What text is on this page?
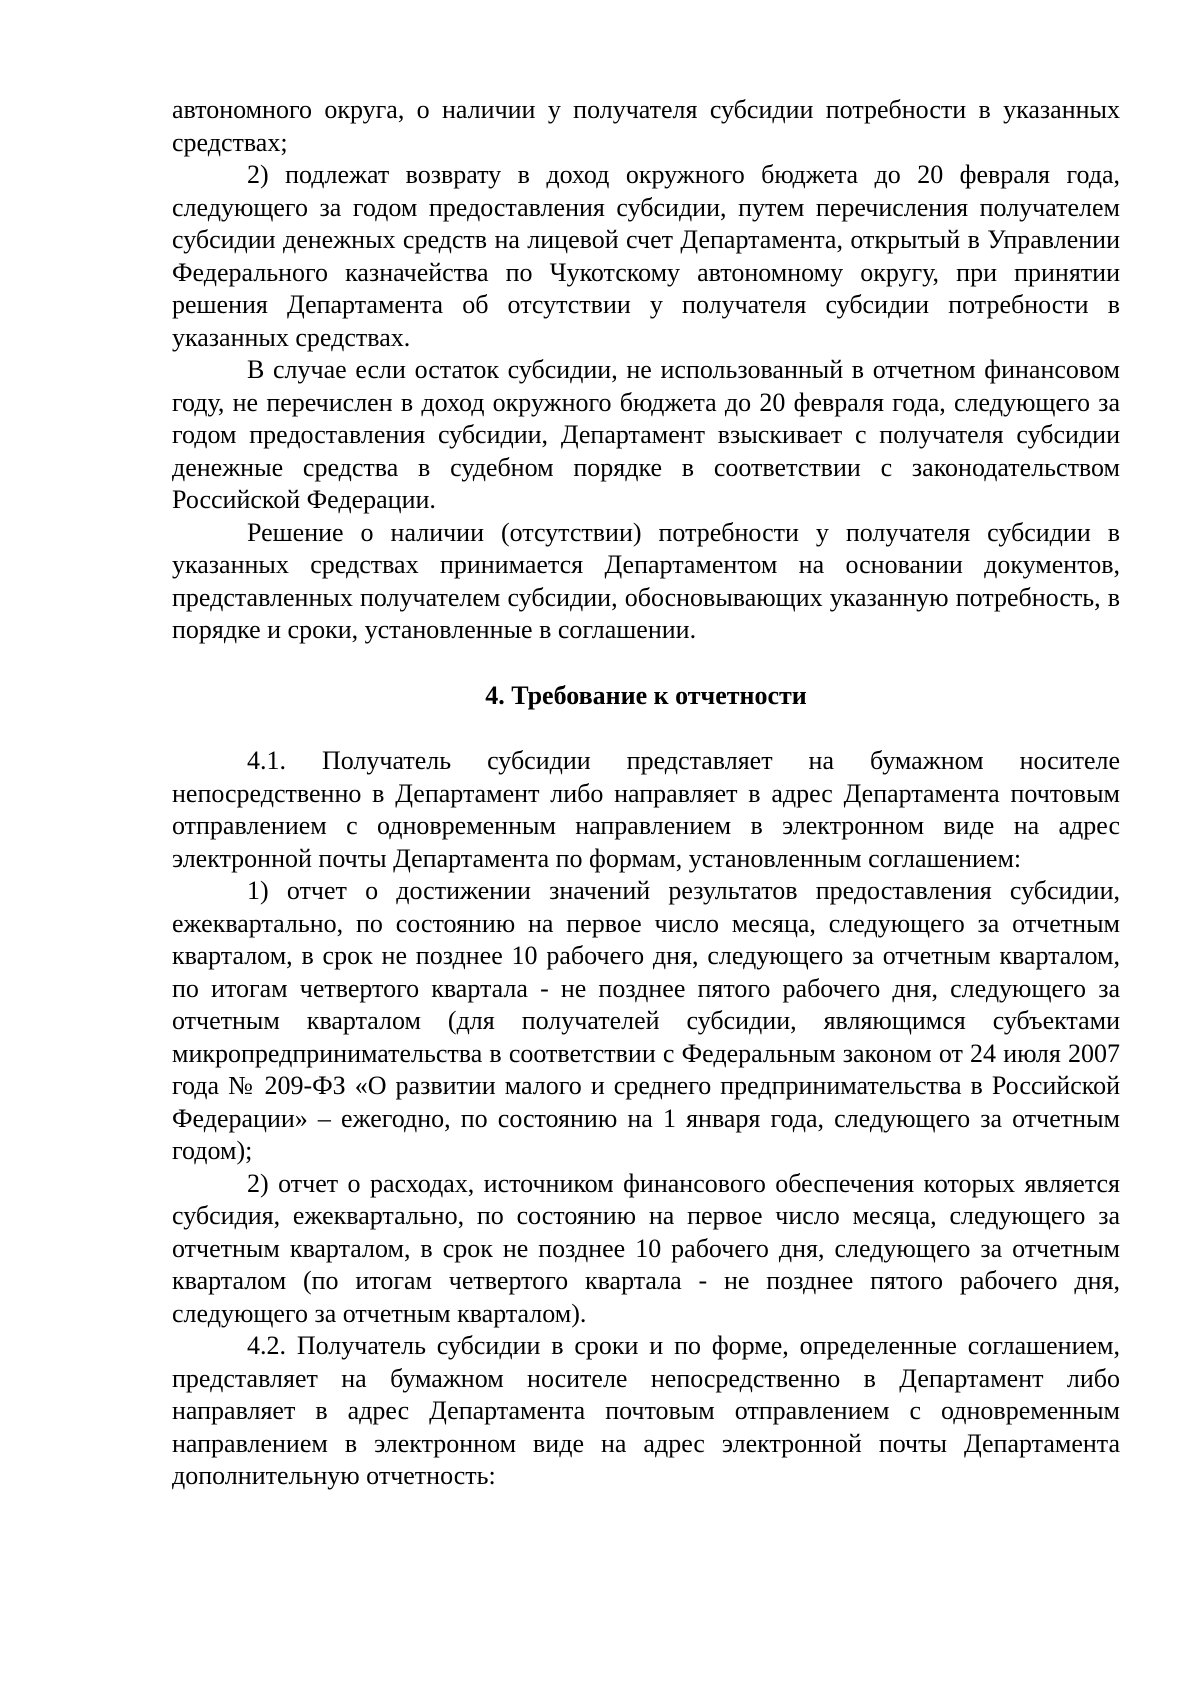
автономного округа, о наличии у получателя субсидии потребности в указанных средствах;

2) подлежат возврату в доход окружного бюджета до 20 февраля года, следующего за годом предоставления субсидии, путем перечисления получателем субсидии денежных средств на лицевой счет Департамента, открытый в Управлении Федерального казначейства по Чукотскому автономному округу, при принятии решения Департамента об отсутствии у получателя субсидии потребности в указанных средствах.

В случае если остаток субсидии, не использованный в отчетном финансовом году, не перечислен в доход окружного бюджета до 20 февраля года, следующего за годом предоставления субсидии, Департамент взыскивает с получателя субсидии денежные средства в судебном порядке в соответствии с законодательством Российской Федерации.

Решение о наличии (отсутствии) потребности у получателя субсидии в указанных средствах принимается Департаментом на основании документов, представленных получателем субсидии, обосновывающих указанную потребность, в порядке и сроки, установленные в соглашении.

4. Требование к отчетности

4.1. Получатель субсидии представляет на бумажном носителе непосредственно в Департамент либо направляет в адрес Департамента почтовым отправлением с одновременным направлением в электронном виде на адрес электронной почты Департамента по формам, установленным соглашением:

1) отчет о достижении значений результатов предоставления субсидии, ежеквартально, по состоянию на первое число месяца, следующего за отчетным кварталом, в срок не позднее 10 рабочего дня, следующего за отчетным кварталом, по итогам четвертого квартала - не позднее пятого рабочего дня, следующего за отчетным кварталом (для получателей субсидии, являющимся субъектами микропредпринимательства в соответствии с Федеральным законом от 24 июля 2007 года № 209-ФЗ «О развитии малого и среднего предпринимательства в Российской Федерации» – ежегодно, по состоянию на 1 января года, следующего за отчетным годом);

2) отчет о расходах, источником финансового обеспечения которых является субсидия, ежеквартально, по состоянию на первое число месяца, следующего за отчетным кварталом, в срок не позднее 10 рабочего дня, следующего за отчетным кварталом (по итогам четвертого квартала - не позднее пятого рабочего дня, следующего за отчетным кварталом).

4.2. Получатель субсидии в сроки и по форме, определенные соглашением, представляет на бумажном носителе непосредственно в Департамент либо направляет в адрес Департамента почтовым отправлением с одновременным направлением в электронном виде на адрес электронной почты Департамента дополнительную отчетность:
